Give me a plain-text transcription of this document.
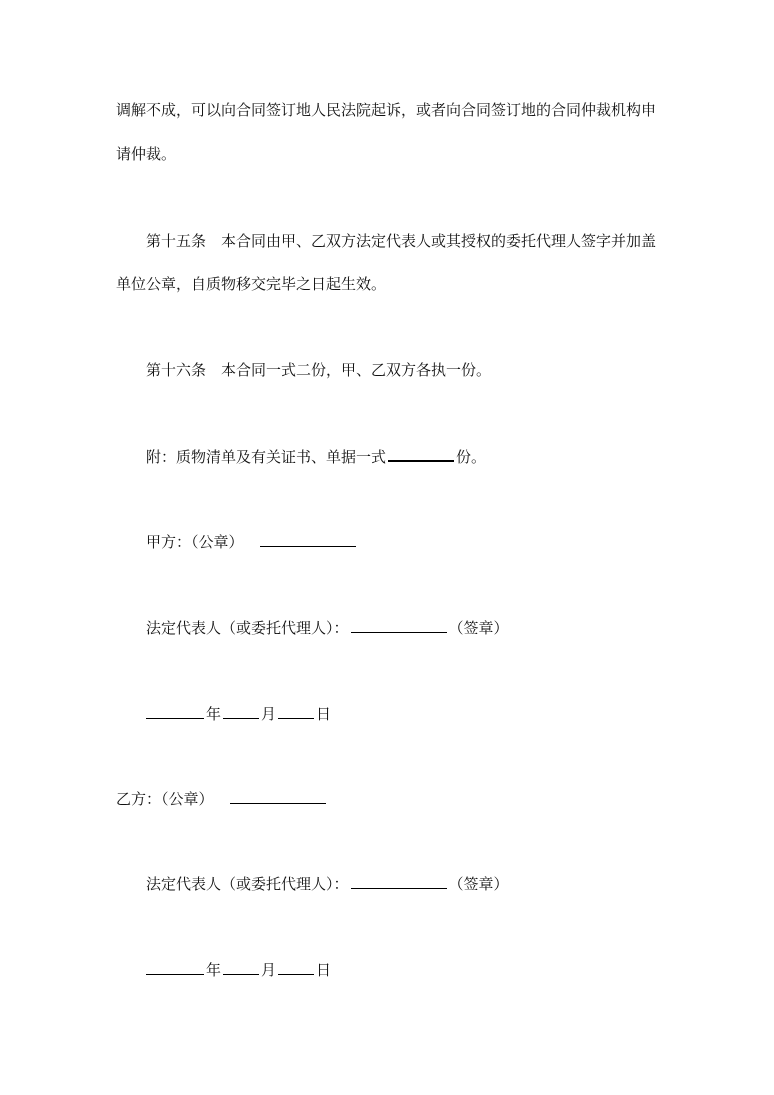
调解不成，可以向合同签订地人民法院起诉，或者向合同签订地的合同仲裁机构申
请仲裁。
第十五条　本合同由甲、乙双方法定代表人或其授权的委托代理人签字并加盖
单位公章，自质物移交完毕之日起生效。
第十六条　本合同一式二份，甲、乙双方各执一份。
附：质物清单及有关证书、单据一式	份。
甲方：（公章）
法定代表人（或委托代理人）：	（签章）
年	月	日
乙方：（公章）
法定代表人（或委托代理人）：	（签章）
年	月	日
